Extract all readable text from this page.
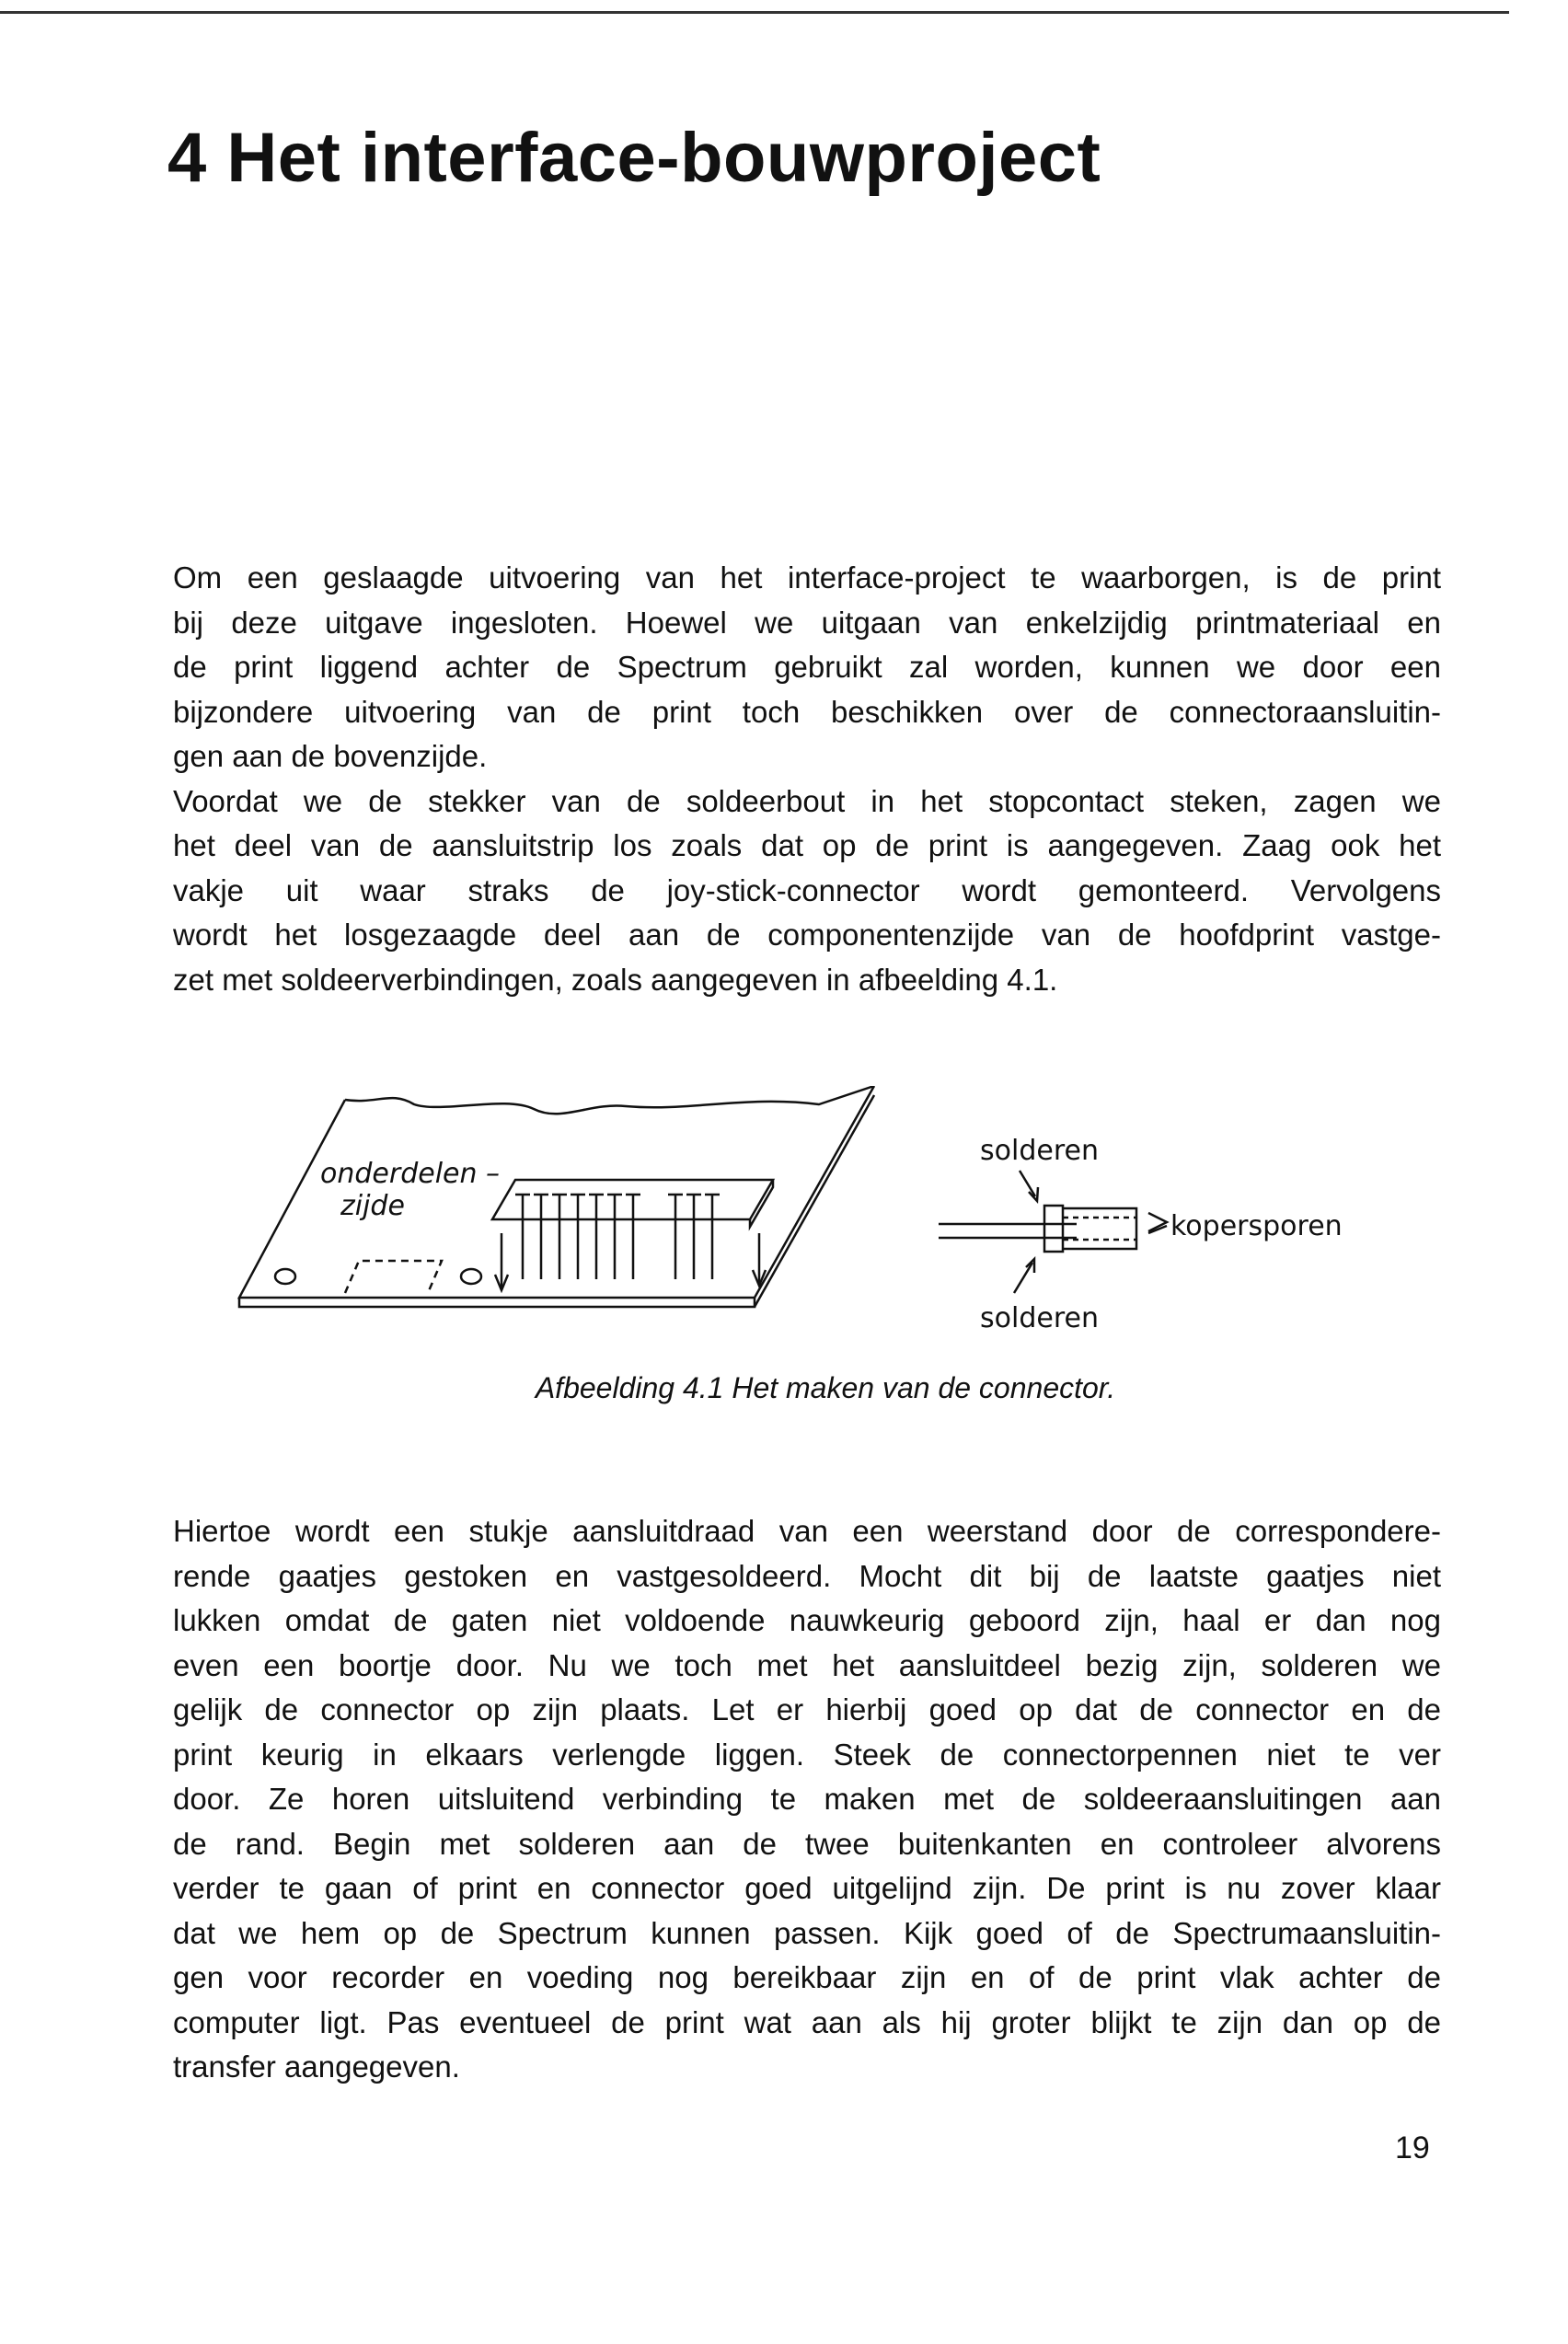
4 Het interface-bouwproject
Om een geslaagde uitvoering van het interface-project te waarborgen, is de print
bij deze uitgave ingesloten. Hoewel we uitgaan van enkelzijdig printmateriaal en
de print liggend achter de Spectrum gebruikt zal worden, kunnen we door een
bijzondere uitvoering van de print toch beschikken over de connectoraansluitin-
gen aan de bovenzijde.
Voordat we de stekker van de soldeerbout in het stopcontact steken, zagen we
het deel van de aansluitstrip los zoals dat op de print is aangegeven. Zaag ook het
vakje uit waar straks de joy-stick-connector wordt gemonteerd. Vervolgens
wordt het losgezaagde deel aan de componentenzijde van de hoofdprint vastge-
zet met soldeerverbindingen, zoals aangegeven in afbeelding 4.1.
onderdelen –
zijde
solderen
kopersporen
solderen

Afbeelding 4.1 Het maken van de connector.

Hiertoe wordt een stukje aansluitdraad van een weerstand door de correspondere-
rende gaatjes gestoken en vastgesoldeerd. Mocht dit bij de laatste gaatjes niet
lukken omdat de gaten niet voldoende nauwkeurig geboord zijn, haal er dan nog
even een boortje door. Nu we toch met het aansluitdeel bezig zijn, solderen we
gelijk de connector op zijn plaats. Let er hierbij goed op dat de connector en de
print keurig in elkaars verlengde liggen. Steek de connectorpennen niet te ver
door. Ze horen uitsluitend verbinding te maken met de soldeeraansluitingen aan
de rand. Begin met solderen aan de twee buitenkanten en controleer alvorens
verder te gaan of print en connector goed uitgelijnd zijn. De print is nu zover klaar
dat we hem op de Spectrum kunnen passen. Kijk goed of de Spectrumaansluitin-
gen voor recorder en voeding nog bereikbaar zijn en of de print vlak achter de
computer ligt. Pas eventueel de print wat aan als hij groter blijkt te zijn dan op de
transfer aangegeven.

19
